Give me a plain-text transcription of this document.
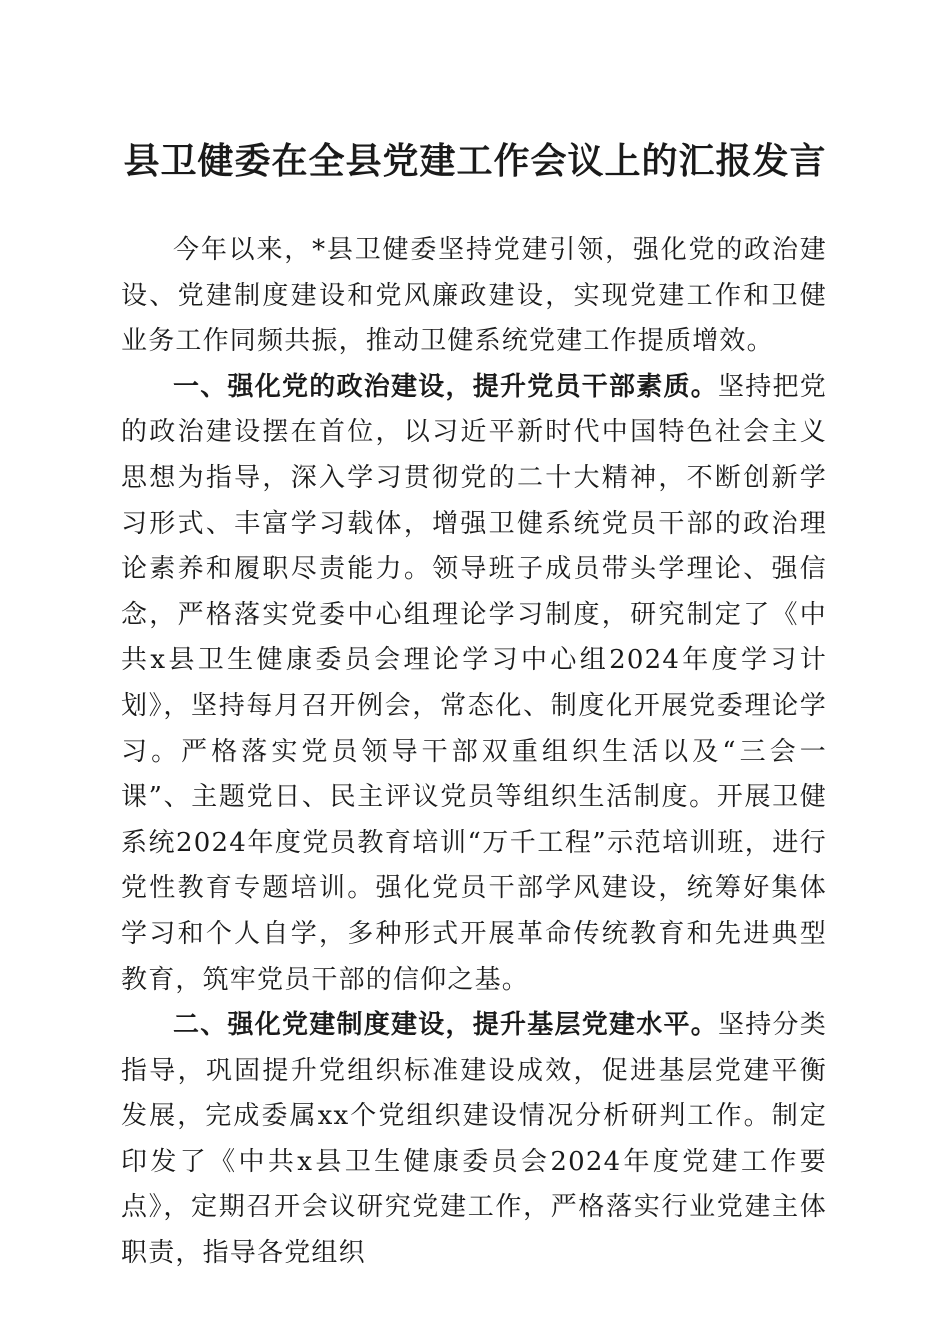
县卫健委在全县党建工作会议上的汇报发言

今年以来，*县卫健委坚持党建引领，强化党的政治建设、党建制度建设和党风廉政建设，实现党建工作和卫健业务工作同频共振，推动卫健系统党建工作提质增效。

一、强化党的政治建设，提升党员干部素质。坚持把党的政治建设摆在首位，以习近平新时代中国特色社会主义思想为指导，深入学习贯彻党的二十大精神，不断创新学习形式、丰富学习载体，增强卫健系统党员干部的政治理论素养和履职尽责能力。领导班子成员带头学理论、强信念，严格落实党委中心组理论学习制度，研究制定了《中共x县卫生健康委员会理论学习中心组2024年度学习计划》，坚持每月召开例会，常态化、制度化开展党委理论学习。严格落实党员领导干部双重组织生活以及“三会一课”、主题党日、民主评议党员等组织生活制度。开展卫健系统2024年度党员教育培训“万千工程”示范培训班，进行党性教育专题培训。强化党员干部学风建设，统筹好集体学习和个人自学，多种形式开展革命传统教育和先进典型教育，筑牢党员干部的信仰之基。

二、强化党建制度建设，提升基层党建水平。坚持分类指导，巩固提升党组织标准建设成效，促进基层党建平衡发展，完成委属xx个党组织建设情况分析研判工作。制定印发了《中共x县卫生健康委员会2024年度党建工作要点》，定期召开会议研究党建工作，严格落实行业党建主体职责，指导各党组织
